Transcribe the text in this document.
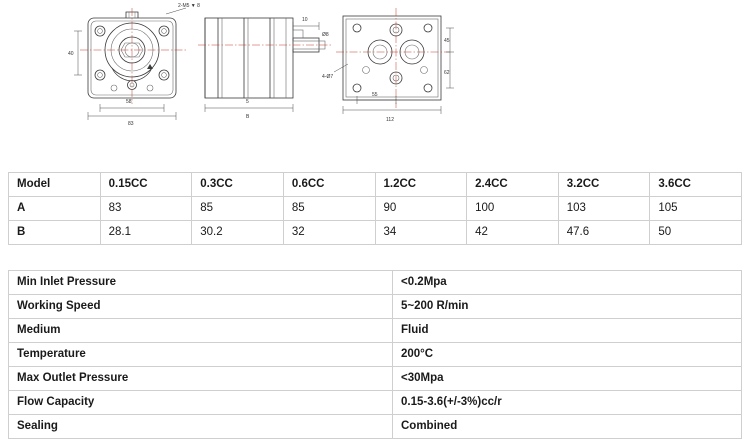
2-M5 ▼ 8
40
58
83
10
5
Ø8
B
45
62
4-Ø7
55
112
Model	0.15CC	0.3CC	0.6CC	1.2CC	2.4CC	3.2CC	3.6CC
A	83	85	85	90	100	103	105
B	28.1	30.2	32	34	42	47.6	50
Min Inlet Pressure	<0.2Mpa
Working Speed	5~200 R/min
Medium	Fluid
Temperature	200°C
Max Outlet Pressure	<30Mpa
Flow Capacity	0.15-3.6(+/-3%)cc/r
Sealing	Combined
